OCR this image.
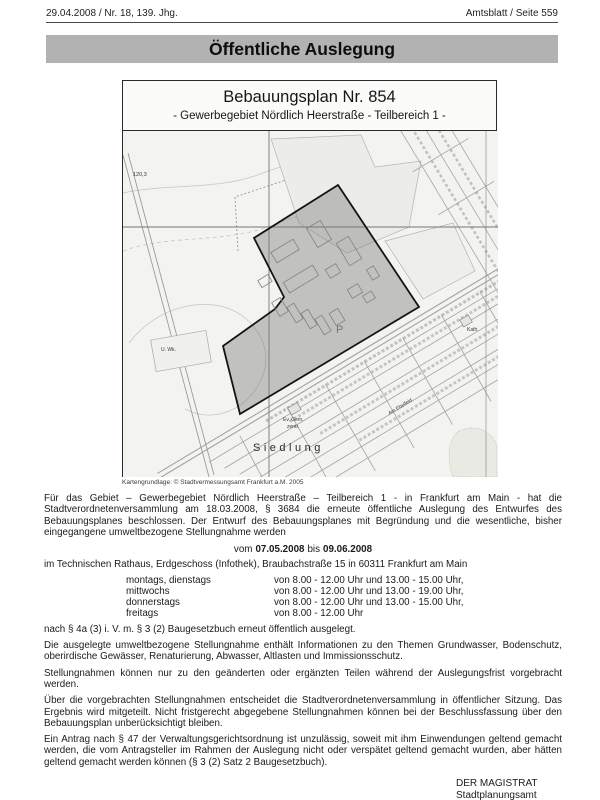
29.04.2008 / Nr. 18, 139. Jhg.	Amtsblatt / Seite 559
Öffentliche Auslegung
Bebauungsplan Nr. 854
- Gewerbegebiet Nördlich Heerstraße - Teilbereich 1 -
120,3
U. Wk.
P	Kath.
Ev. Gem.
zentr.
Siedlung
Am Ebelfeld
Kartengrundlage: © Stadtvermessungsamt Frankfurt a.M. 2005
Für das Gebiet – Gewerbegebiet Nördlich Heerstraße – Teilbereich 1 - in Frankfurt am Main - hat die Stadtverordnetenversammlung am 18.03.2008, § 3684 die erneute öffentliche Auslegung des Entwurfes des Bebauungsplanes beschlossen. Der Entwurf des Bebauungsplanes mit Begründung und die wesentliche, bisher eingegangene umweltbezogene Stellungnahme werden
vom 07.05.2008 bis 09.06.2008
im Technischen Rathaus, Erdgeschoss (Infothek), Braubachstraße 15 in 60311 Frankfurt am Main
montags, dienstags	von 8.00 - 12.00 Uhr und 13.00 - 15.00 Uhr,
mittwochs	von 8.00 - 12.00 Uhr und 13.00 - 19.00 Uhr,
donnerstags	von 8.00 - 12.00 Uhr und 13.00 - 15.00 Uhr,
freitags	von 8.00 - 12.00 Uhr
nach § 4a (3) i. V. m. § 3 (2) Baugesetzbuch erneut öffentlich ausgelegt.
Die ausgelegte umweltbezogene Stellungnahme enthält Informationen zu den Themen Grundwasser, Bodenschutz, oberirdische Gewässer, Renaturierung, Abwasser, Altlasten und Immissionsschutz.
Stellungnahmen können nur zu den geänderten oder ergänzten Teilen während der Auslegungsfrist vorgebracht werden.
Über die vorgebrachten Stellungnahmen entscheidet die Stadtverordnetenversammlung in öffentlicher Sitzung. Das Ergebnis wird mitgeteilt. Nicht fristgerecht abgegebene Stellungnahmen können bei der Beschlussfassung über den Bebauungsplan unberücksichtigt bleiben.
Ein Antrag nach § 47 der Verwaltungsgerichtsordnung ist unzulässig, soweit mit ihm Einwendungen geltend gemacht werden, die vom Antragsteller im Rahmen der Auslegung nicht oder verspätet geltend gemacht wurden, aber hätten geltend gemacht werden können (§ 3 (2) Satz 2 Baugesetzbuch).
DER MAGISTRAT
Stadtplanungsamt
